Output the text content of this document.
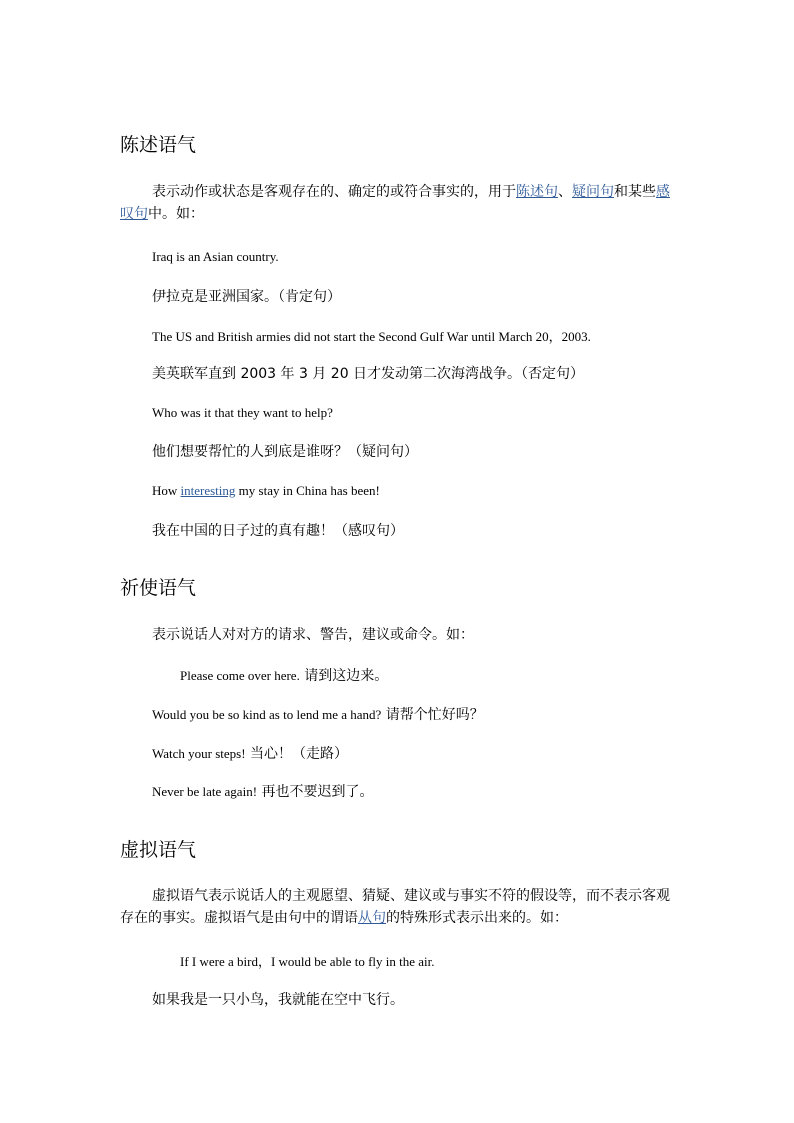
陈述语气
表示动作或状态是客观存在的、确定的或符合事实的，用于陈述句、疑问句和某些感叹句中。如：
Iraq is an Asian country.
伊拉克是亚洲国家。（肯定句）
The US and British armies did not start the Second Gulf War until March 20，2003.
美英联军直到 2003 年 3 月 20 日才发动第二次海湾战争。（否定句）
Who was it that they want to help?
他们想要帮忙的人到底是谁呀？（疑问句）
How interesting my stay in China has been!
我在中国的日子过的真有趣！（感叹句）
祈使语气
表示说话人对对方的请求、警告，建议或命令。如：
Please come over here. 请到这边来。
Would you be so kind as to lend me a hand? 请帮个忙好吗？
Watch your steps! 当心！（走路）
Never be late again! 再也不要迟到了。
虚拟语气
虚拟语气表示说话人的主观愿望、猜疑、建议或与事实不符的假设等，而不表示客观存在的事实。虚拟语气是由句中的谓语从句的特殊形式表示出来的。如：
If I were a bird，I would be able to fly in the air.
如果我是一只小鸟，我就能在空中飞行。
